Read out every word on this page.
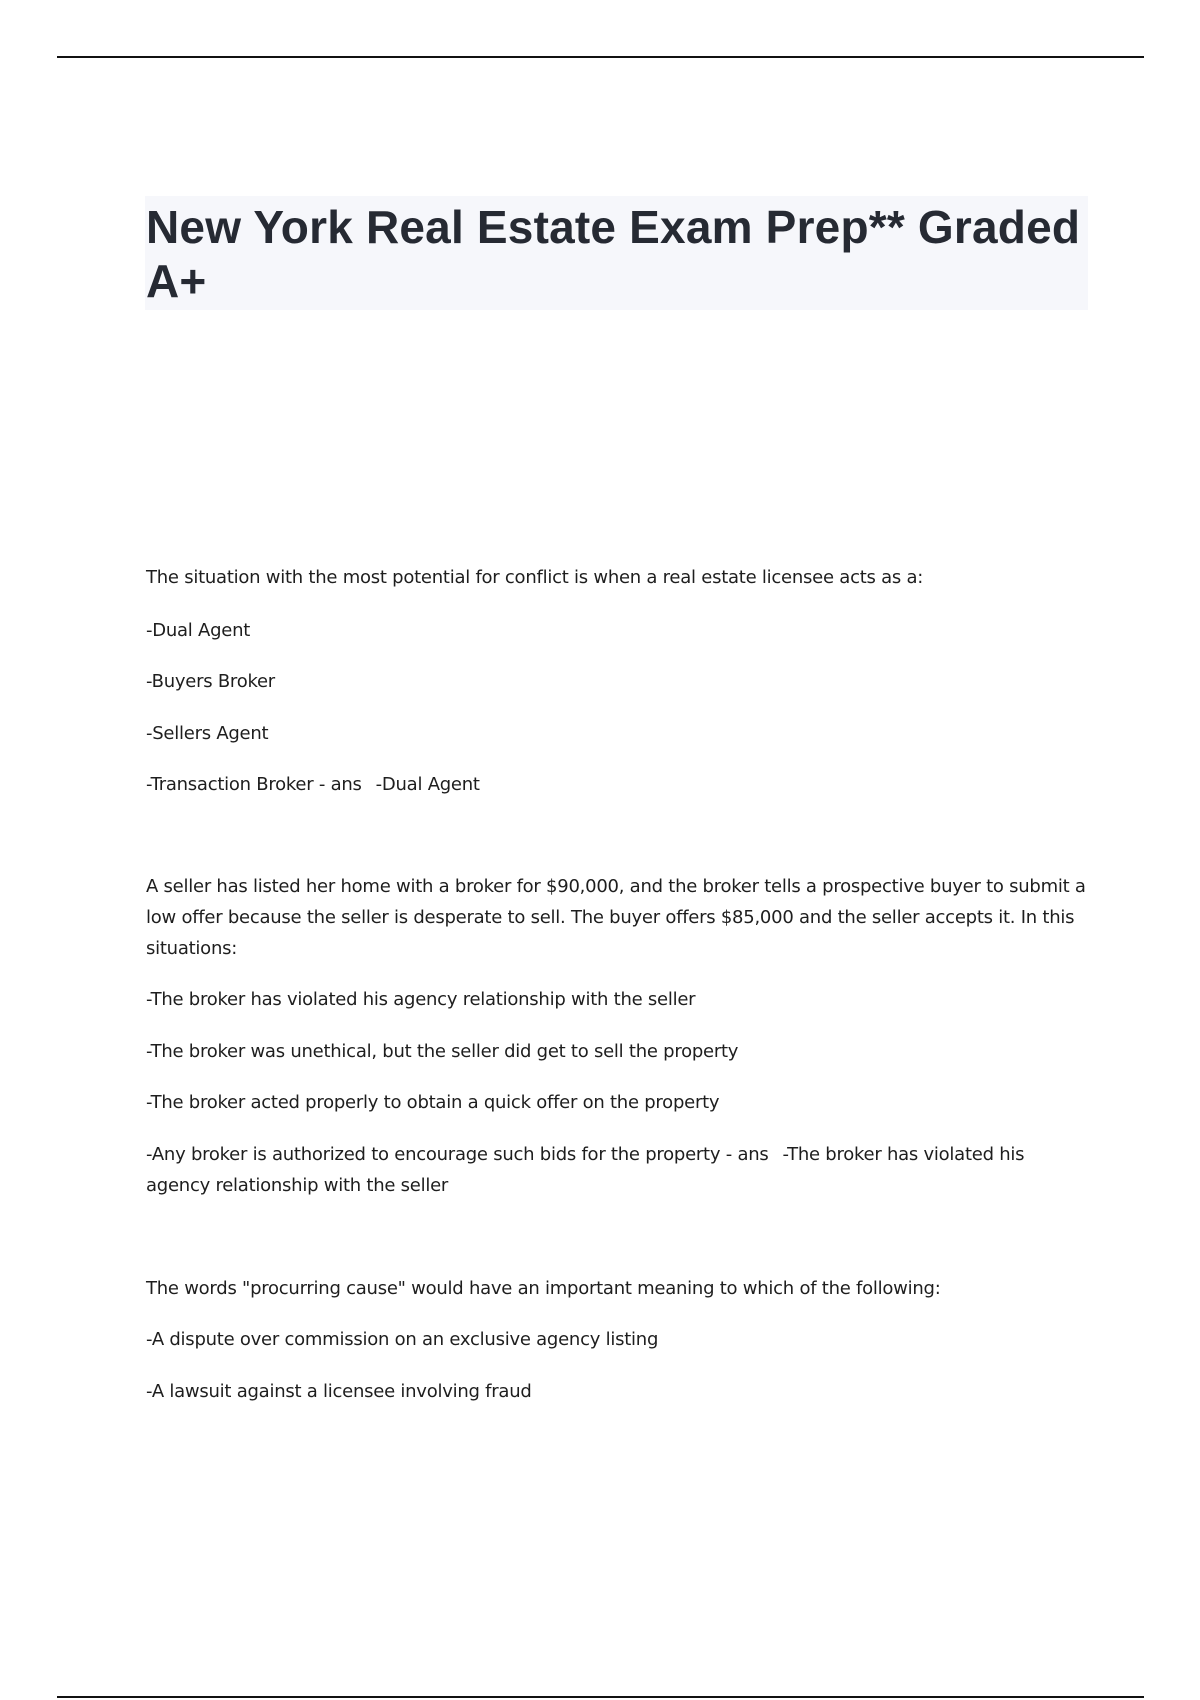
New York Real Estate Exam Prep** Graded A+
The situation with the most potential for conflict is when a real estate licensee acts as a:
-Dual Agent
-Buyers Broker
-Sellers Agent
-Transaction Broker - ans -Dual Agent
A seller has listed her home with a broker for $90,000, and the broker tells a prospective buyer to submit a low offer because the seller is desperate to sell. The buyer offers $85,000 and the seller accepts it. In this situations:
-The broker has violated his agency relationship with the seller
-The broker was unethical, but the seller did get to sell the property
-The broker acted properly to obtain a quick offer on the property
-Any broker is authorized to encourage such bids for the property - ans -The broker has violated his agency relationship with the seller
The words "procurring cause" would have an important meaning to which of the following:
-A dispute over commission on an exclusive agency listing
-A lawsuit against a licensee involving fraud
